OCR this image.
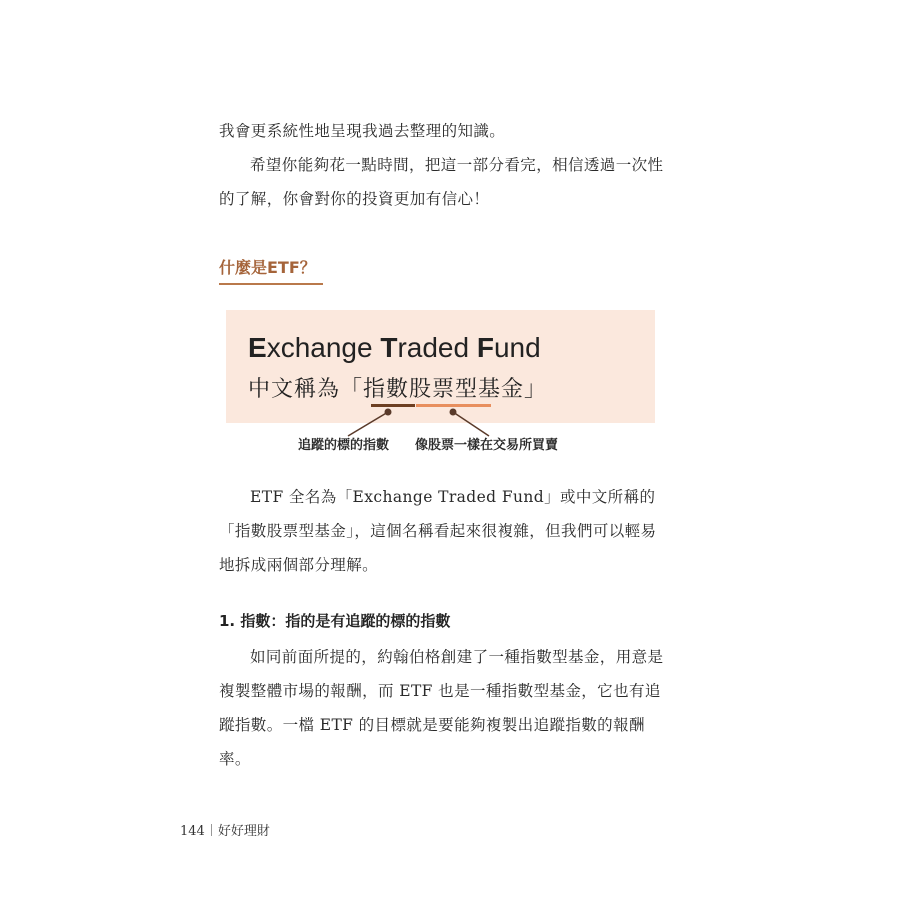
我會更系統性地呈現我過去整理的知識。

希望你能夠花一點時間，把這一部分看完，相信透過一次性的了解，你會對你的投資更加有信心！

什麼是ETF？
Exchange Traded Fund
中文稱為「指數股票型基金」
追蹤的標的指數 像股票一樣在交易所買賣

ETF 全名為「Exchange Traded Fund」或中文所稱的「指數股票型基金」，這個名稱看起來很複雜，但我們可以輕易地拆成兩個部分理解。

1. 指數：指的是有追蹤的標的指數

如同前面所提的，約翰伯格創建了一種指數型基金，用意是複製整體市場的報酬，而 ETF 也是一種指數型基金，它也有追蹤指數。一檔 ETF 的目標就是要能夠複製出追蹤指數的報酬率。

144 好好理財
